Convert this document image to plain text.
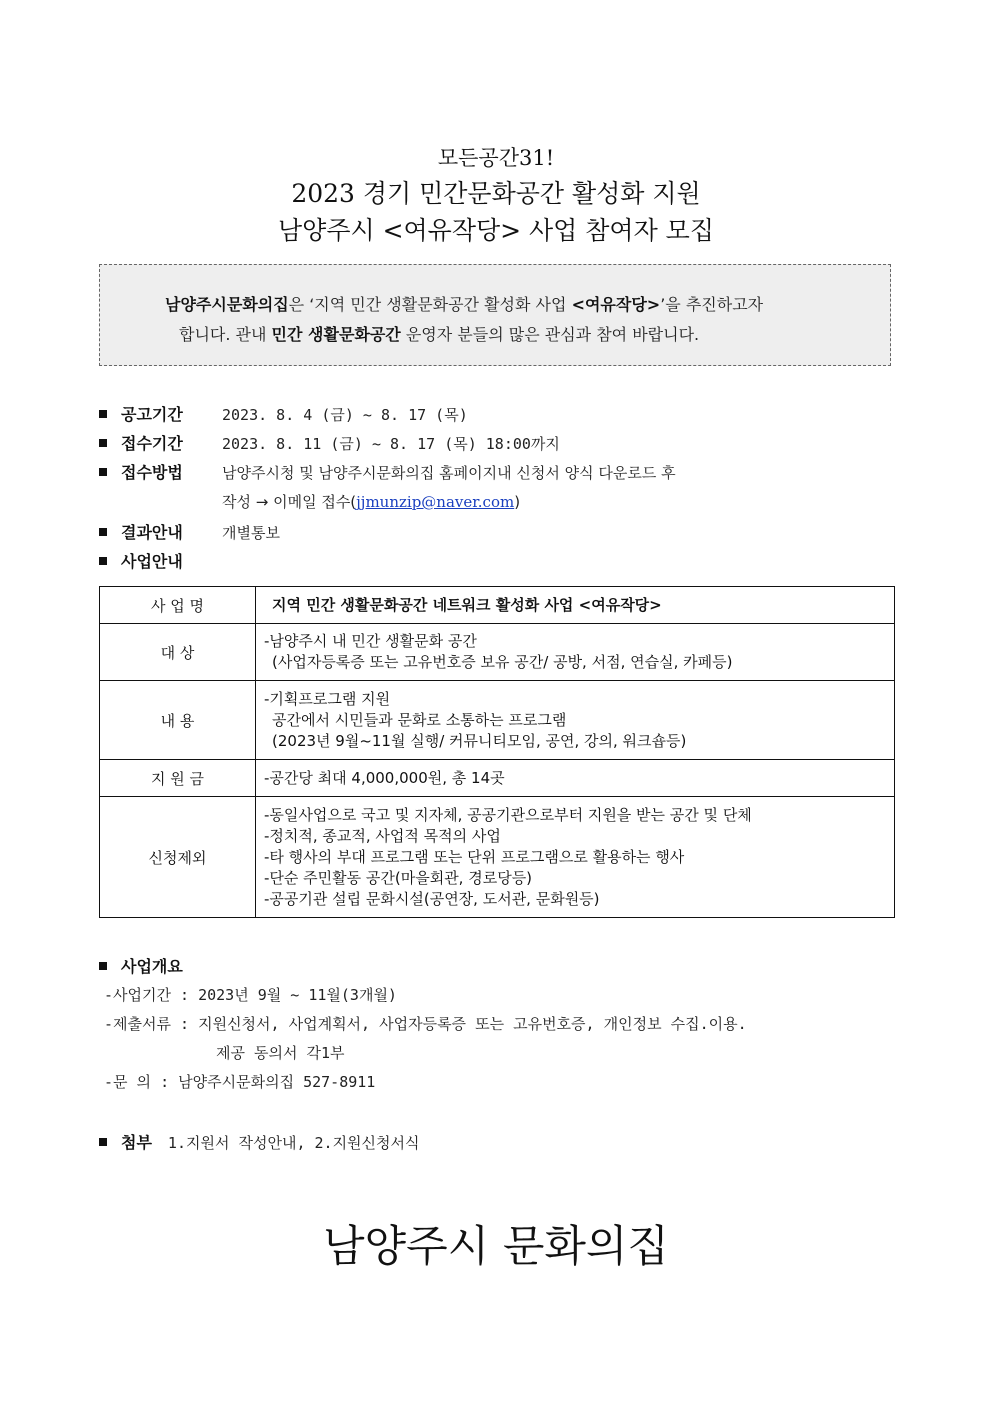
모든공간31!
2023 경기 민간문화공간 활성화 지원
남양주시 <여유작당> 사업 참여자 모집
남양주시문화의집은 ‘지역 민간 생활문화공간 활성화 사업 <여유작당>’을 추진하고자
합니다. 관내 민간 생활문화공간 운영자 분들의 많은 관심과 참여 바랍니다.
공고기간	2023. 8. 4 (금) ~ 8. 17 (목)
접수기간	2023. 8. 11 (금) ~ 8. 17 (목) 18:00까지
접수방법	남양주시청 및 남양주시문화의집 홈페이지내 신청서 양식 다운로드 후
작성 → 이메일 접수(jjmunzip@naver.com)
결과안내	개별통보
사업안내
사 업 명	지역 민간 생활문화공간 네트워크 활성화 사업 <여유작당>
대 상	-남양주시 내 민간 생활문화 공간
(사업자등록증 또는 고유번호증 보유 공간/ 공방, 서점, 연습실, 카페등)

내 용	-기획프로그램 지원
공간에서 시민들과 문화로 소통하는 프로그램
(2023년 9월~11월 실행/ 커뮤니티모임, 공연, 강의, 워크숍등)

지 원 금	-공간당 최대 4,000,000원, 총 14곳
신청제외	-동일사업으로 국고 및 지자체, 공공기관으로부터 지원을 받는 공간 및 단체
-정치적, 종교적, 사업적 목적의 사업
-타 행사의 부대 프로그램 또는 단위 프로그램으로 활용하는 행사
-단순 주민활동 공간(마을회관, 경로당등)
-공공기관 설립 문화시설(공연장, 도서관, 문화원등)
사업개요
-사업기간 : 2023년 9월 ~ 11월(3개월)
-제출서류 : 지원신청서, 사업계획서, 사업자등록증 또는 고유번호증, 개인정보 수집.이용.
제공 동의서 각1부
-문 의 : 남양주시문화의집 527-8911
첨부 1.지원서 작성안내, 2.지원신청서식
남양주시 문화의집
